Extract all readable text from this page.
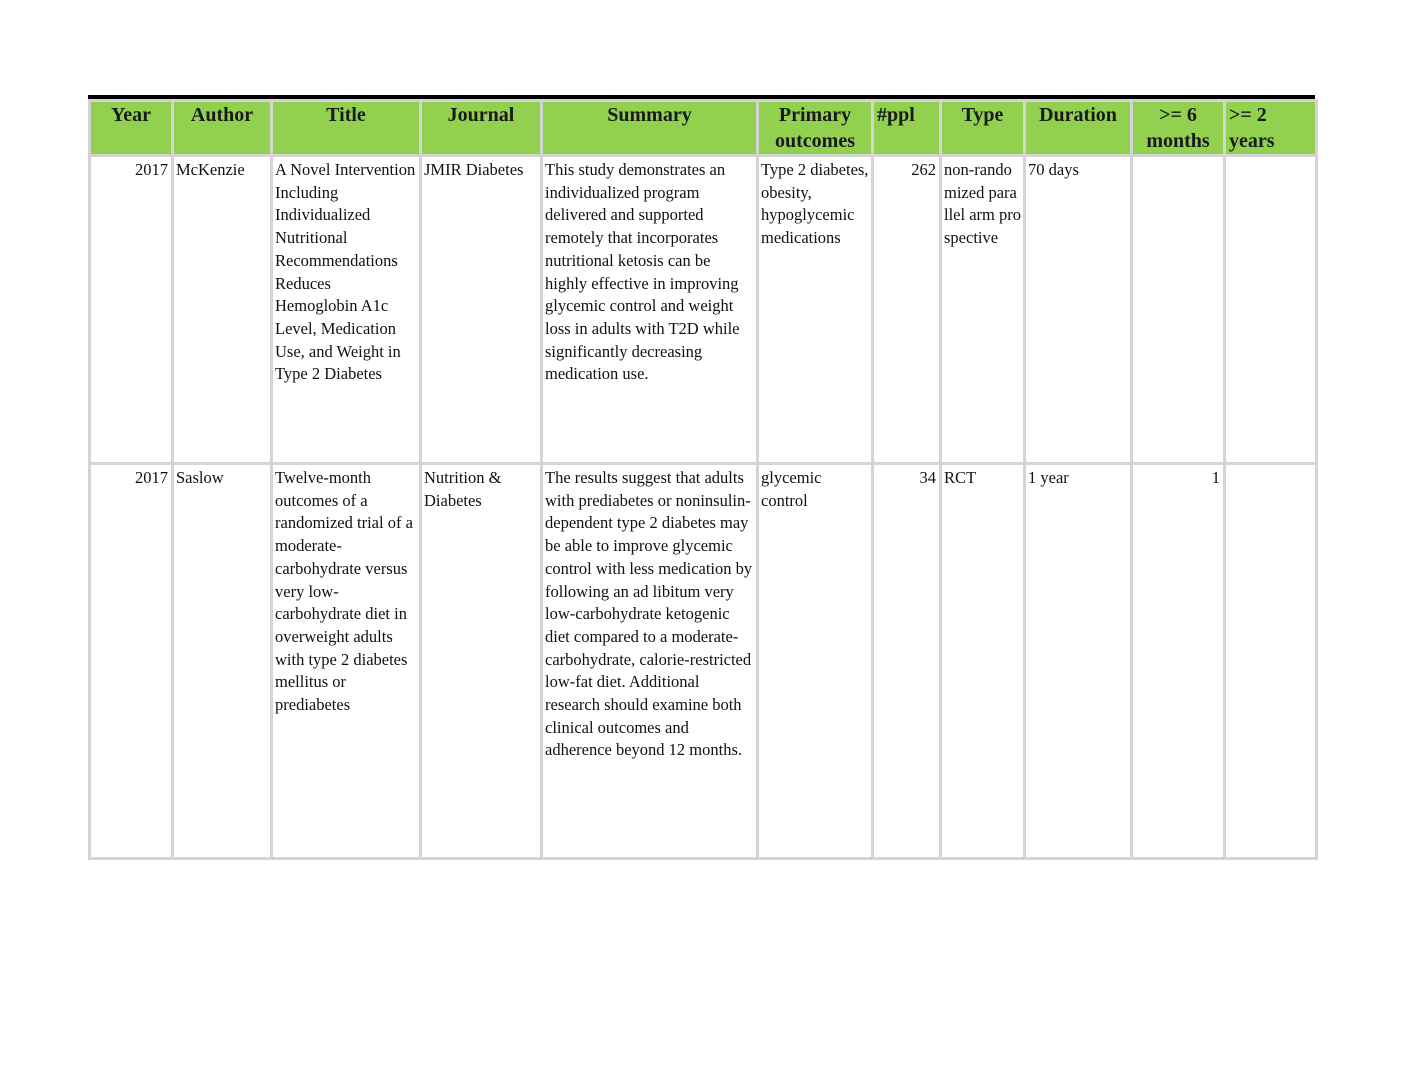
Year	Author	Title	Journal	Summary	Primary outcomes	#ppl	Type	Duration	>= 6 months	>= 2 years
2017	McKenzie	A Novel Intervention Including Individualized Nutritional Recommendations Reduces Hemoglobin A1c Level, Medication Use, and Weight in Type 2 Diabetes	JMIR Diabetes	This study demonstrates an individualized program delivered and supported remotely that incorporates nutritional ketosis can be highly effective in improving glycemic control and weight loss in adults with T2D while significantly decreasing medication use.	Type 2 diabetes, obesity, hypoglycemic medications	262	non-randomized parallel arm prospective	70 days		
2017	Saslow	Twelve-month outcomes of a randomized trial of a moderate-carbohydrate versus very low-carbohydrate diet in overweight adults with type 2 diabetes mellitus or prediabetes	Nutrition & Diabetes	The results suggest that adults with prediabetes or noninsulin-dependent type 2 diabetes may be able to improve glycemic control with less medication by following an ad libitum very low-carbohydrate ketogenic diet compared to a moderate-carbohydrate, calorie-restricted low-fat diet. Additional research should examine both clinical outcomes and adherence beyond 12 months.	glycemic control	34	RCT	1 year	1	
